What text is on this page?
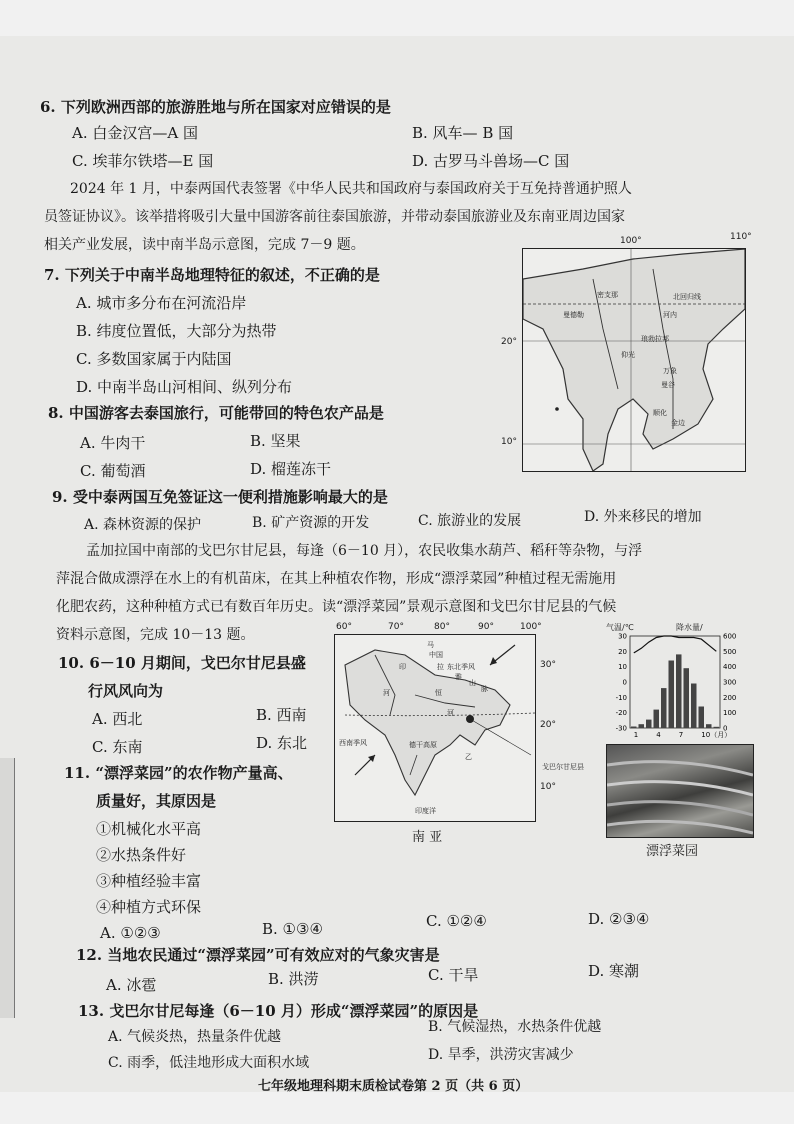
6. 下列欧洲西部的旅游胜地与所在国家对应错误的是
A. 白金汉宫—A 国	B. 风车— B 国
C. 埃菲尔铁塔—E 国	D. 古罗马斗兽场—C 国
2024 年 1 月，中泰两国代表签署《中华人民共和国政府与泰国政府关于互免持普通护照人
员签证协议》。该举措将吸引大量中国游客前往泰国旅游，并带动泰国旅游业及东南亚周边国家
相关产业发展，读中南半岛示意图，完成 7－9 题。
北回归线
曼德勒
密支那
琅勃拉邦
河内
仰光
万象
曼谷
金边
顺化
20°
10°
100°	110°
7. 下列关于中南半岛地理特征的叙述，不正确的是
A. 城市多分布在河流沿岸
B. 纬度位置低，大部分为热带
C. 多数国家属于内陆国
D. 中南半岛山河相间、纵列分布
8. 中国游客去泰国旅行，可能带回的特色农产品是
A. 牛肉干	B. 坚果
C. 葡萄酒	D. 榴莲冻干
9. 受中泰两国互免签证这一便利措施影响最大的是
A. 森林资源的保护	B. 矿产资源的开发	C. 旅游业的发展	D. 外来移民的增加
孟加拉国中南部的戈巴尔甘尼县，每逢（6－10 月），农民收集水葫芦、稻秆等杂物，与浮
萍混合做成漂浮在水上的有机苗床，在其上种植农作物，形成“漂浮菜园”种植过程无需施用
化肥农药，这种种植方式已有数百年历史。读“漂浮菜园”景观示意图和戈巴尔甘尼县的气候
资料示意图，完成 10－13 题。
中国
马
拉 东北季风
雅
山
脉
印
河	恒
河
西南季风	德干高原
乙
印度洋
60°	70°	80°	90°	100°
30°
20°
10°
戈巴尔甘尼县
南 亚
30
20
10
0
-10
-20
-30
600
500
400
300
200
100
0
1	4	7	10（月）
气温/℃	降水量/
漂浮菜园
10. 6－10 月期间，戈巴尔甘尼县盛
行风风向为
A. 西北	B. 西南
C. 东南	D. 东北
11. “漂浮菜园”的农作物产量高、
质量好，其原因是
①机械化水平高
②水热条件好
③种植经验丰富
④种植方式环保
A. ①②③	B. ①③④	C. ①②④	D. ②③④
12. 当地农民通过“漂浮菜园”可有效应对的气象灾害是
A. 冰雹	B. 洪涝	C. 干旱	D. 寒潮
13. 戈巴尔甘尼每逢（6－10 月）形成“漂浮菜园”的原因是
A. 气候炎热，热量条件优越
B. 气候湿热，水热条件优越
C. 雨季，低洼地形成大面积水域	D. 旱季，洪涝灾害减少
七年级地理科期末质检试卷第 2 页（共 6 页）
